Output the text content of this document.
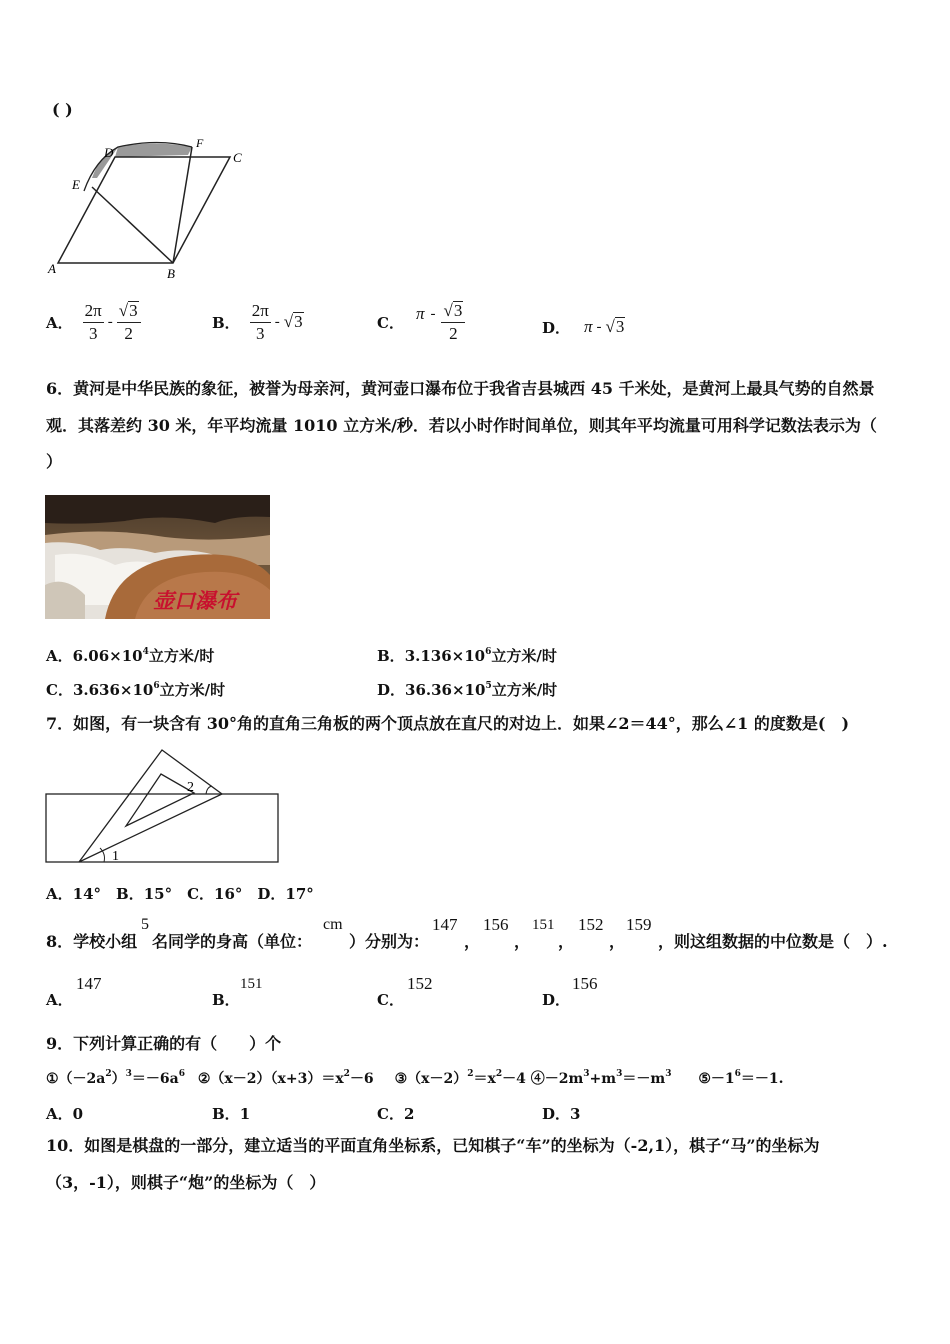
( )
A	B
C
D
E
F
A． $\frac{2\pi}{3} - \frac{√3}{2}$	B． $\frac{2\pi}{3} - √3$	C． π - $\frac{√3}{2}$	D． π - √3
6．黄河是中华民族的象征，被誉为母亲河，黄河壶口瀑布位于我省吉县城西 45 千米处，是黄河上最具气势的自然景
观．其落差约 30 米，年平均流量 1010 立方米/秒．若以小时作时间单位，则其年平均流量可用科学记数法表示为（
）
壶口瀑布
A．$6.06\times 10^4$立方米/时	B．$3.136\times 10^6$立方米/时
C．$3.636\times 10^6$立方米/时	D．$36.36\times 10^5$立方米/时
7．如图，有一块含有 30°角的直角三角板的两个顶点放在直尺的对边上．如果∠2＝44°，那么∠1 的度数是(　)
1
2
A．14°　B．15°　C．16°　D．17°
8．学校小组
5
名同学的身高（单位：
cm
）分别为：
147
，
156
，
151
，
152
，
159
，则这组数据的中位数是（　）.
A．
147
B．
151
C．
152
D．
156
9．下列计算正确的有（　　）个
$①(-2a^2)^3=-6a^6$ $②(x-2)(x+3)=x^2-6$ $③(x-2)^2=x^2-4$ $④-2m^3+m^3=-m^3$ $⑤-1^6=-1$.
A．0	B．1	C．2	D．3
10．如图是棋盘的一部分，建立适当的平面直角坐标系，已知棋子“车”的坐标为（-2,1），棋子“马”的坐标为
（3，-1），则棋子“炮”的坐标为（　）
